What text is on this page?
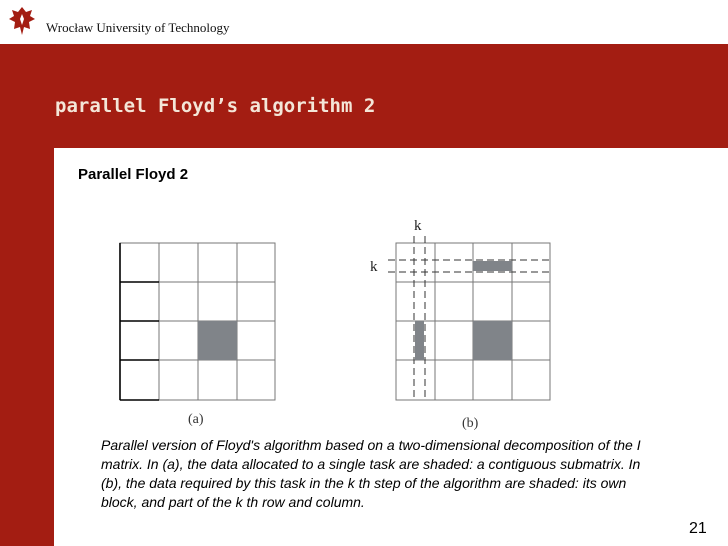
Wrocław University of Technology
parallel Floyd’s algorithm 2
Parallel Floyd 2
(a)
k
k
(b)
Parallel version of Floyd's algorithm based on a two-dimensional decomposition of the I matrix. In (a), the data allocated to a single task are shaded: a contiguous submatrix. In (b), the data required by this task in the k th step of the algorithm are shaded: its own block, and part of the k th row and column.
21
